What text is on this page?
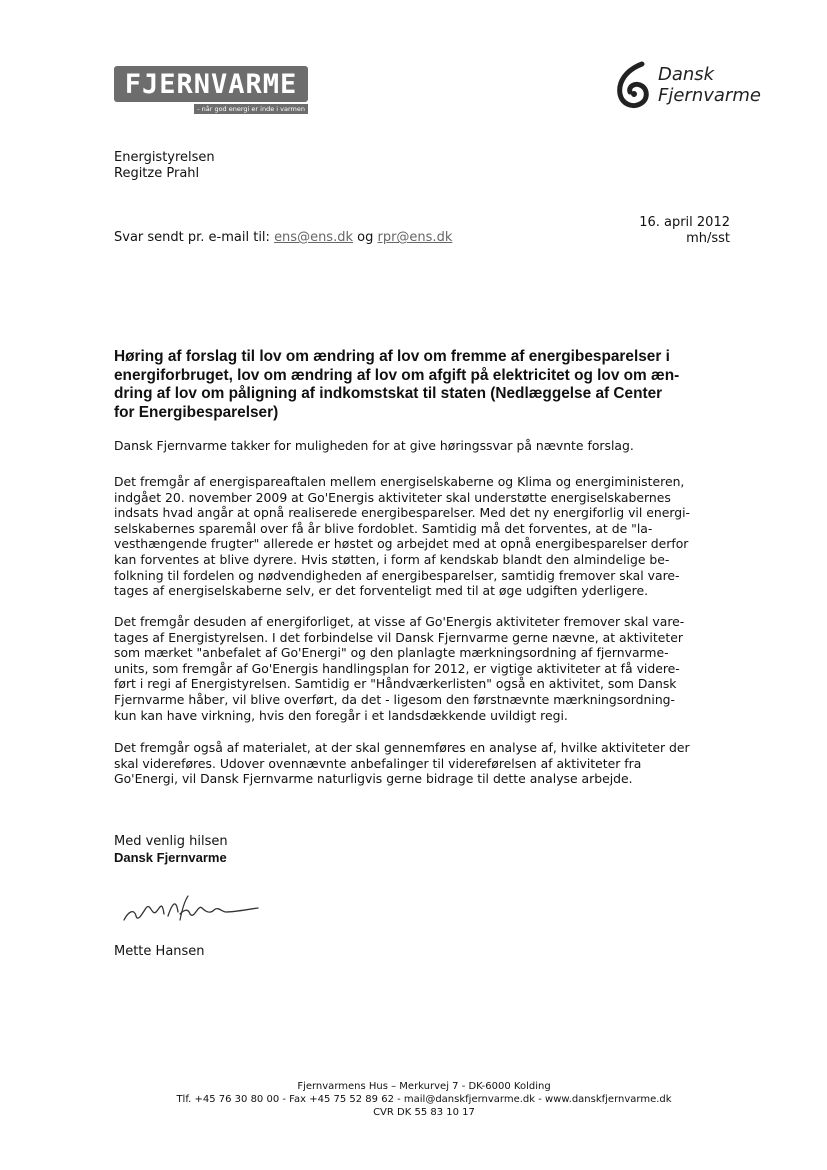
FJERNVARME
- når god energi er inde i varmen
Dansk
Fjernvarme
Energistyrelsen
Regitze Prahl
16. april 2012
mh/sst
Svar sendt pr. e-mail til: ens@ens.dk og rpr@ens.dk
Høring af forslag til lov om ændring af lov om fremme af energibesparelser i
energiforbruget, lov om ændring af lov om afgift på elektricitet og lov om æn-
dring af lov om påligning af indkomstskat til staten (Nedlæggelse af Center
for Energibesparelser)
Dansk Fjernvarme takker for muligheden for at give høringssvar på nævnte forslag.
Det fremgår af energispareaftalen mellem energiselskaberne og Klima og energiministeren,
indgået 20. november 2009 at Go'Energis aktiviteter skal understøtte energiselskabernes
indsats hvad angår at opnå realiserede energibesparelser. Med det ny energiforlig vil energi-
selskabernes sparemål over få år blive fordoblet. Samtidig må det forventes, at de "la-
vesthængende frugter" allerede er høstet og arbejdet med at opnå energibesparelser derfor
kan forventes at blive dyrere. Hvis støtten, i form af kendskab blandt den almindelige be-
folkning til fordelen og nødvendigheden af energibesparelser, samtidig fremover skal vare-
tages af energiselskaberne selv, er det forventeligt med til at øge udgiften yderligere.
Det fremgår desuden af energiforliget, at visse af Go'Energis aktiviteter fremover skal vare-
tages af Energistyrelsen. I det forbindelse vil Dansk Fjernvarme gerne nævne, at aktiviteter
som mærket "anbefalet af Go'Energi" og den planlagte mærkningsordning af fjernvarme-
units, som fremgår af Go'Energis handlingsplan for 2012, er vigtige aktiviteter at få videre-
ført i regi af Energistyrelsen. Samtidig er "Håndværkerlisten" også en aktivitet, som Dansk
Fjernvarme håber, vil blive overført, da det - ligesom den førstnævnte mærkningsordning-
kun kan have virkning, hvis den foregår i et landsdækkende uvildigt regi.
Det fremgår også af materialet, at der skal gennemføres en analyse af, hvilke aktiviteter der
skal videreføres. Udover ovennævnte anbefalinger til videreførelsen af aktiviteter fra
Go'Energi, vil Dansk Fjernvarme naturligvis gerne bidrage til dette analyse arbejde.
Med venlig hilsen
Dansk Fjernvarme
Mette Hansen
Fjernvarmens Hus – Merkurvej 7 - DK-6000 Kolding
Tlf. +45 76 30 80 00 - Fax +45 75 52 89 62 - mail@danskfjernvarme.dk - www.danskfjernvarme.dk
CVR DK 55 83 10 17
